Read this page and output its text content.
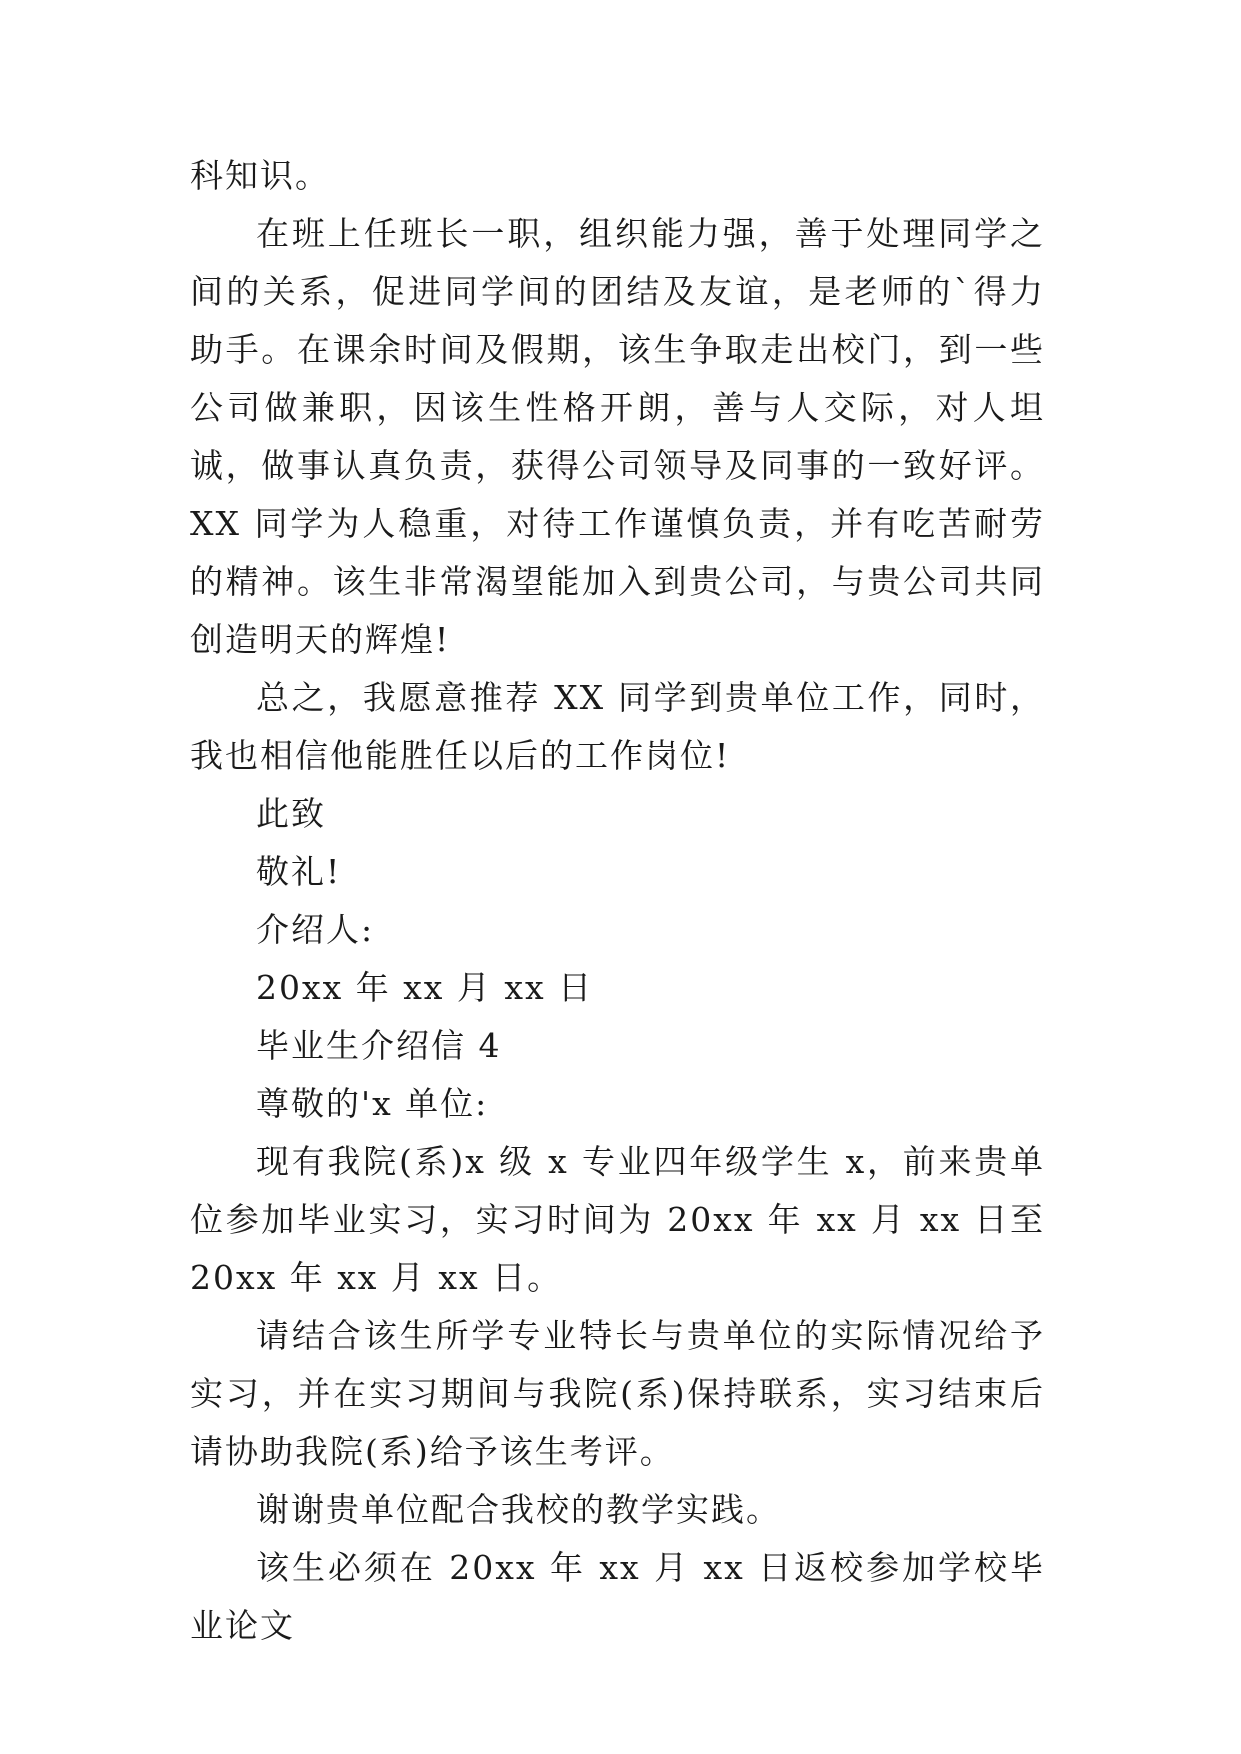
科知识。

在班上任班长一职，组织能力强，善于处理同学之间的关系，促进同学间的团结及友谊，是老师的`得力助手。在课余时间及假期，该生争取走出校门，到一些公司做兼职，因该生性格开朗，善与人交际，对人坦诚，做事认真负责，获得公司领导及同事的一致好评。XX 同学为人稳重，对待工作谨慎负责，并有吃苦耐劳的精神。该生非常渴望能加入到贵公司，与贵公司共同创造明天的辉煌!

总之，我愿意推荐 XX 同学到贵单位工作，同时，我也相信他能胜任以后的工作岗位!

此致

敬礼!

介绍人:

20xx 年 xx 月 xx 日

毕业生介绍信 4

尊敬的'x 单位:

现有我院(系)x 级 x 专业四年级学生 x，前来贵单位参加毕业实习，实习时间为 20xx 年 xx 月 xx 日至 20xx 年 xx 月 xx 日。

请结合该生所学专业特长与贵单位的实际情况给予实习，并在实习期间与我院(系)保持联系，实习结束后请协助我院(系)给予该生考评。

谢谢贵单位配合我校的教学实践。

该生必须在 20xx 年 xx 月 xx 日返校参加学校毕业论文
